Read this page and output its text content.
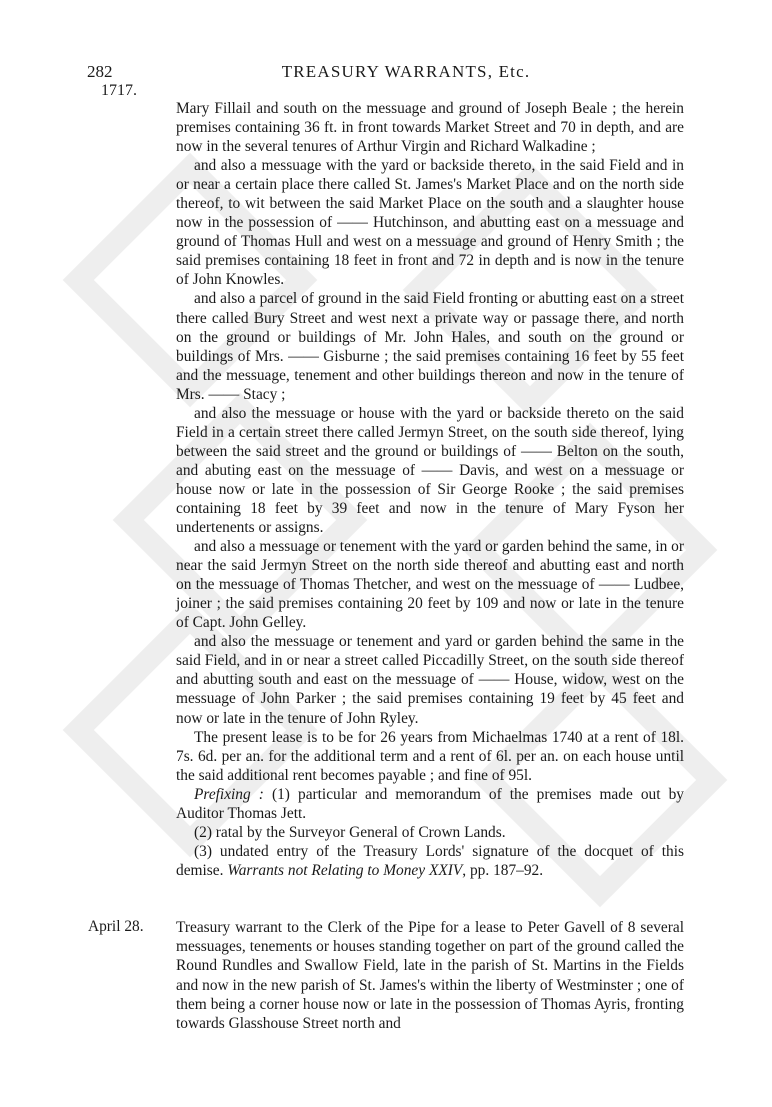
282
1717.
TREASURY WARRANTS, Etc.

Mary Fillail and south on the messuage and ground of Joseph Beale ; the herein premises containing 36 ft. in front towards Market Street and 70 in depth, and are now in the several tenures of Arthur Virgin and Richard Walkadine ;

and also a messuage with the yard or backside thereto, in the said Field and in or near a certain place there called St. James's Market Place and on the north side thereof, to wit between the said Market Place on the south and a slaughter house now in the possession of —— Hutchinson, and abutting east on a messuage and ground of Thomas Hull and west on a messuage and ground of Henry Smith ; the said premises containing 18 feet in front and 72 in depth and is now in the tenure of John Knowles.

and also a parcel of ground in the said Field fronting or abutting east on a street there called Bury Street and west next a private way or passage there, and north on the ground or buildings of Mr. John Hales, and south on the ground or buildings of Mrs. —— Gisburne ; the said premises containing 16 feet by 55 feet and the messuage, tenement and other buildings thereon and now in the tenure of Mrs. —— Stacy ;

and also the messuage or house with the yard or backside thereto on the said Field in a certain street there called Jermyn Street, on the south side thereof, lying between the said street and the ground or buildings of —— Belton on the south, and abuting east on the messuage of —— Davis, and west on a messuage or house now or late in the possession of Sir George Rooke ; the said premises containing 18 feet by 39 feet and now in the tenure of Mary Fyson her undertenents or assigns.

and also a messuage or tenement with the yard or garden behind the same, in or near the said Jermyn Street on the north side thereof and abutting east and north on the messuage of Thomas Thetcher, and west on the messuage of —— Ludbee, joiner ; the said premises containing 20 feet by 109 and now or late in the tenure of Capt. John Gelley.

and also the messuage or tenement and yard or garden behind the same in the said Field, and in or near a street called Piccadilly Street, on the south side thereof and abutting south and east on the messuage of —— House, widow, west on the messuage of John Parker ; the said premises containing 19 feet by 45 feet and now or late in the tenure of John Ryley.

The present lease is to be for 26 years from Michaelmas 1740 at a rent of 18l. 7s. 6d. per an. for the additional term and a rent of 6l. per an. on each house until the said additional rent becomes payable ; and fine of 95l.

Prefixing : (1) particular and memorandum of the premises made out by Auditor Thomas Jett.

(2) ratal by the Surveyor General of Crown Lands.

(3) undated entry of the Treasury Lords' signature of the docquet of this demise. Warrants not Relating to Money XXIV, pp. 187–92.

April 28. Treasury warrant to the Clerk of the Pipe for a lease to Peter Gavell of 8 several messuages, tenements or houses standing together on part of the ground called the Round Rundles and Swallow Field, late in the parish of St. Martins in the Fields and now in the new parish of St. James's within the liberty of Westminster ; one of them being a corner house now or late in the possession of Thomas Ayris, fronting towards Glasshouse Street north and
